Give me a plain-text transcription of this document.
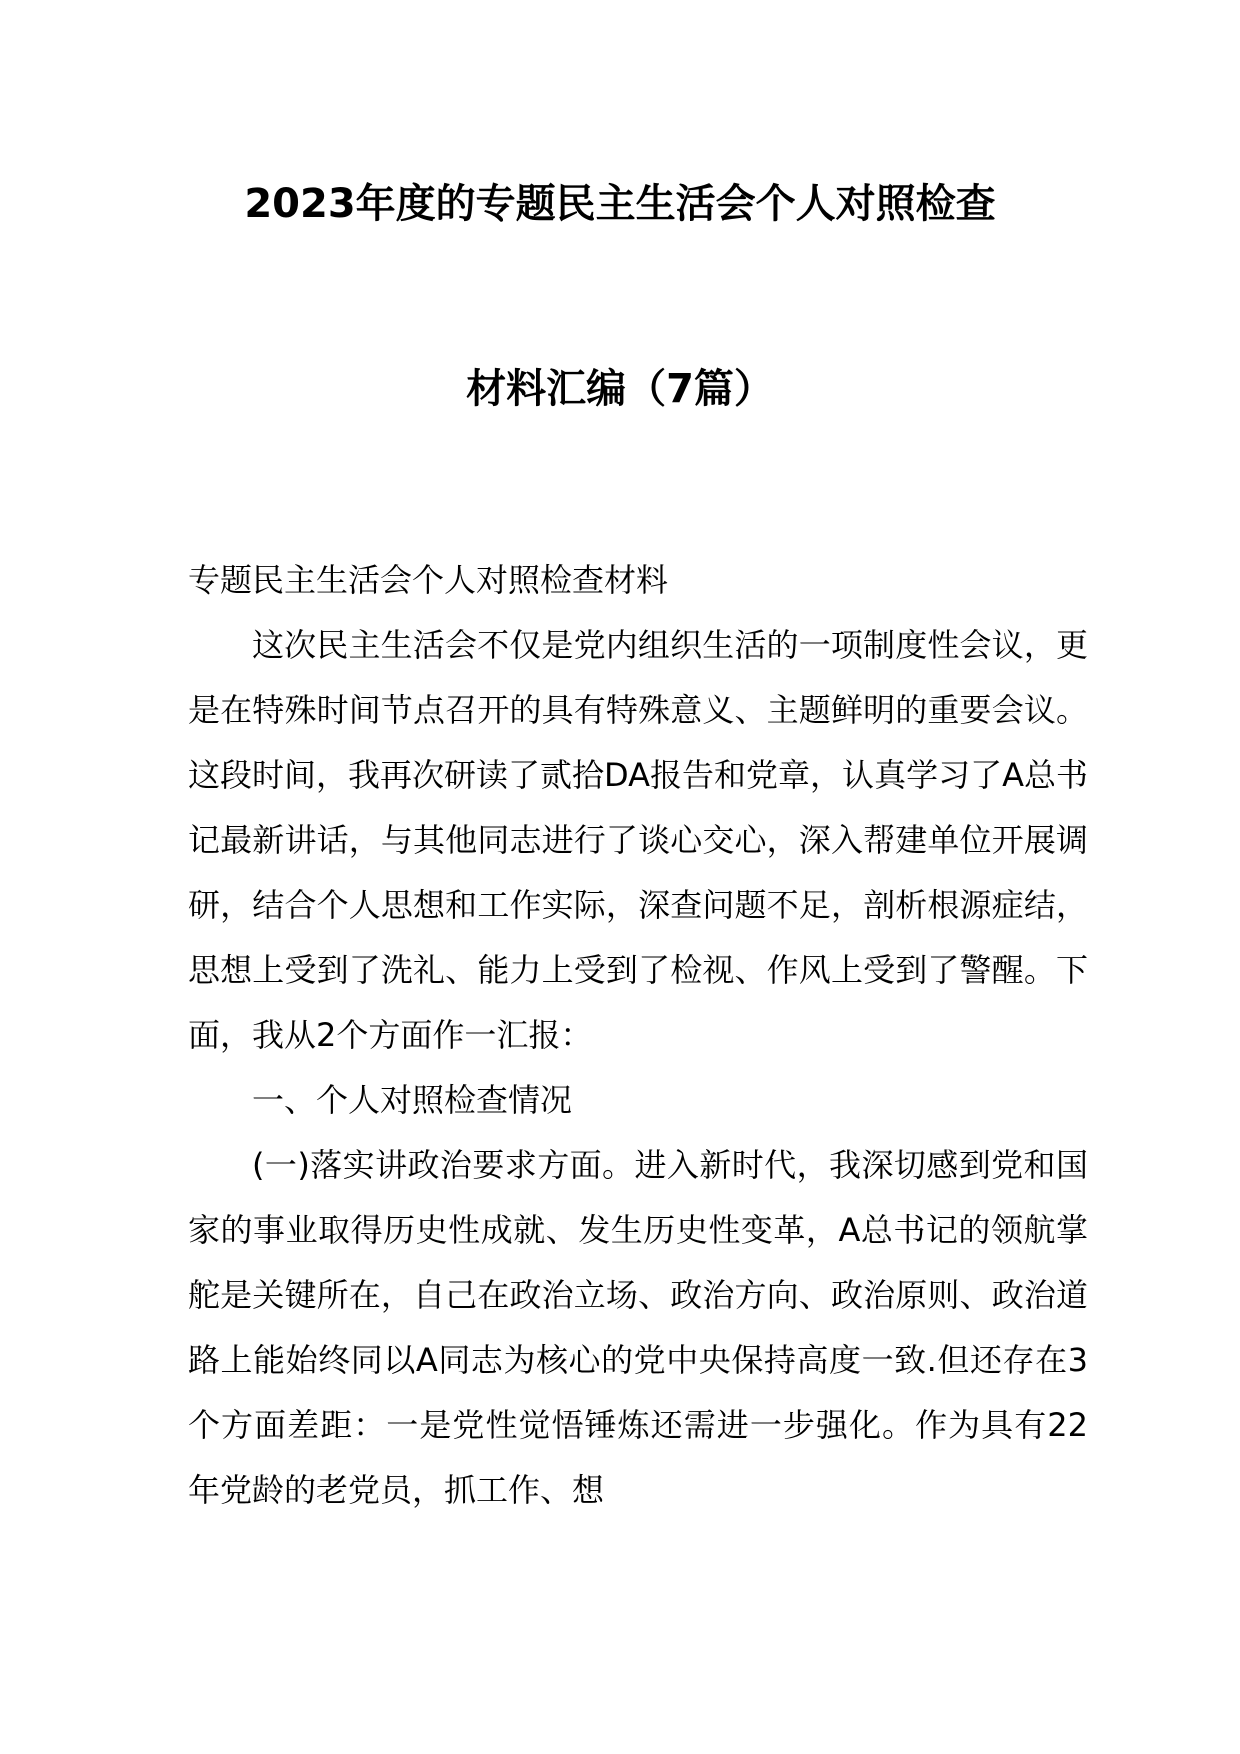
2023年度的专题民主生活会个人对照检查
材料汇编（7篇）

专题民主生活会个人对照检查材料

这次民主生活会不仅是党内组织生活的一项制度性会议，更是在特殊时间节点召开的具有特殊意义、主题鲜明的重要会议。这段时间，我再次研读了贰拾DA报告和党章，认真学习了A总书记最新讲话，与其他同志进行了谈心交心，深入帮建单位开展调研，结合个人思想和工作实际，深查问题不足，剖析根源症结，思想上受到了洗礼、能力上受到了检视、作风上受到了警醒。下面，我从2个方面作一汇报：

一、个人对照检查情况

(一)落实讲政治要求方面。进入新时代，我深切感到党和国家的事业取得历史性成就、发生历史性变革，A总书记的领航掌舵是关键所在，自己在政治立场、政治方向、政治原则、政治道路上能始终同以A同志为核心的党中央保持高度一致.但还存在3个方面差距：一是党性觉悟锤炼还需进一步强化。作为具有22年党龄的老党员，抓工作、想
